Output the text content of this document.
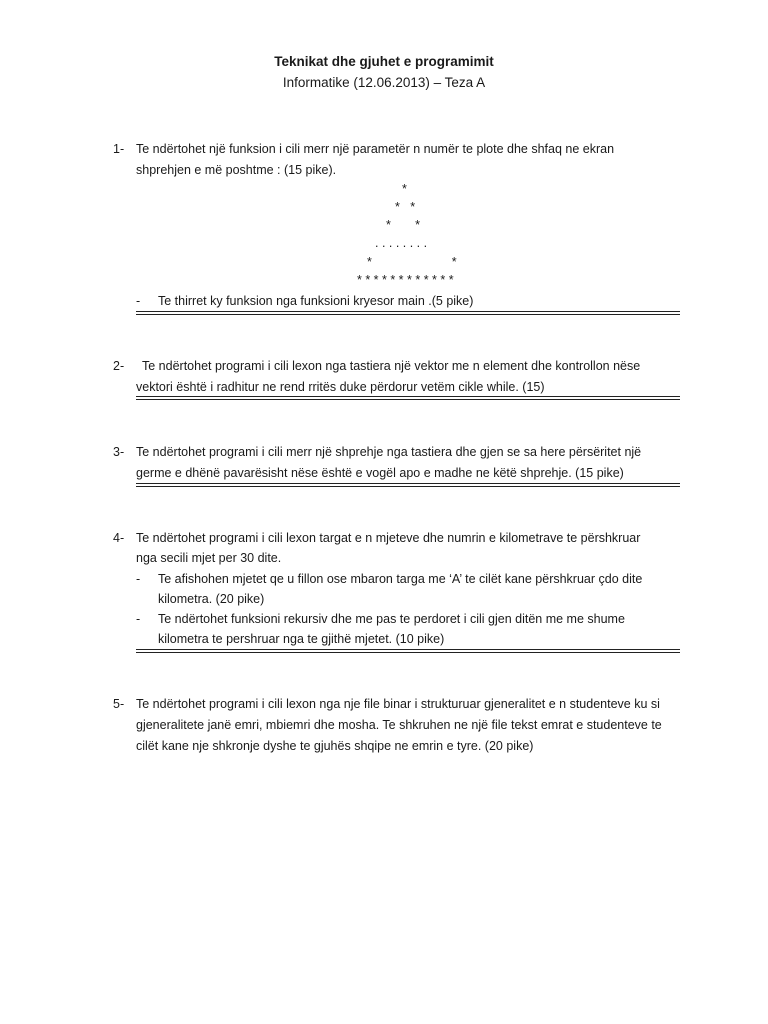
Teknikat dhe gjuhet e programimit
Informatike (12.06.2013) – Teza A
1- Te ndërtohet një funksion i cili merr një parametër n numër te plote dhe shfaq ne ekran
shprehjen e më poshtme : (15 pike).
*
*   *
*       *
. . . . . . . .
*                       *
* * * * * * * * * * * *
- Te thirret ky funksion nga funksioni kryesor main .(5 pike)
2- Te ndërtohet programi i cili lexon nga tastiera një vektor me n element dhe kontrollon nëse
vektori është i radhitur ne rend rritës duke përdorur vetëm cikle while. (15)
3- Te ndërtohet programi i cili merr një shprehje nga tastiera dhe gjen se sa here përsëritet një
germe e dhënë pavarësisht nëse është e vogël apo e madhe ne këtë shprehje. (15 pike)
4- Te ndërtohet programi i cili lexon targat e n mjeteve dhe numrin e kilometrave te përshkruar
nga secili mjet per 30 dite.
- Te afishohen mjetet qe u fillon ose mbaron targa me ‘A’ te cilët kane përshkruar çdo dite
kilometra. (20 pike)
- Te ndërtohet funksioni rekursiv dhe me pas te perdoret i cili gjen ditën me me shume
kilometra te pershruar nga te gjithë mjetet. (10 pike)
5- Te ndërtohet programi i cili lexon nga nje file binar i strukturuar gjeneralitet e n studenteve ku si
gjeneralitete janë emri, mbiemri dhe mosha. Te shkruhen ne një file tekst emrat e studenteve te
cilët kane nje shkronje dyshe te gjuhës shqipe ne emrin e tyre. (20 pike)
